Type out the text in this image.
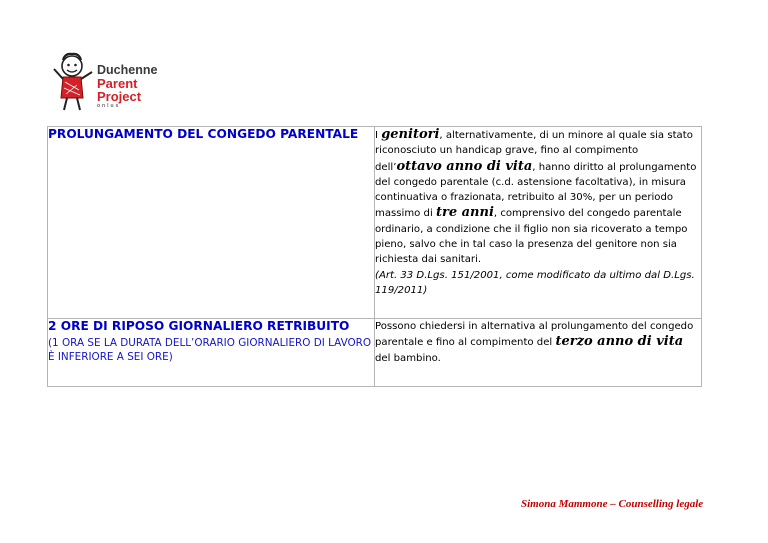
Duchenne
Parent
Project
onlus
PROLUNGAMENTO DEL CONGEDO PARENTALE	I genitori, alternativamente, di un minore al quale sia stato riconosciuto un handicap grave, fino al compimento dell’ottavo anno di vita, hanno diritto al prolungamento del congedo parentale (c.d. astensione facoltativa), in misura continuativa o frazionata, retribuito al 30%, per un periodo massimo di tre anni, comprensivo del congedo parentale ordinario, a condizione che il figlio non sia ricoverato a tempo pieno, salvo che in tal caso la presenza del genitore non sia richiesta dai sanitari.
(Art. 33 D.Lgs. 151/2001, come modificato da ultimo dal D.Lgs. 119/2011)

2 ORE DI RIPOSO GIORNALIERO RETRIBUITO
(1 ORA SE LA DURATA DELL’ORARIO GIORNALIERO DI LAVORO È INFERIORE A SEI ORE)	Possono chiedersi in alternativa al prolungamento del congedo parentale e fino al compimento del terzo anno di vita del bambino.
Simona Mammone – Counselling legale
